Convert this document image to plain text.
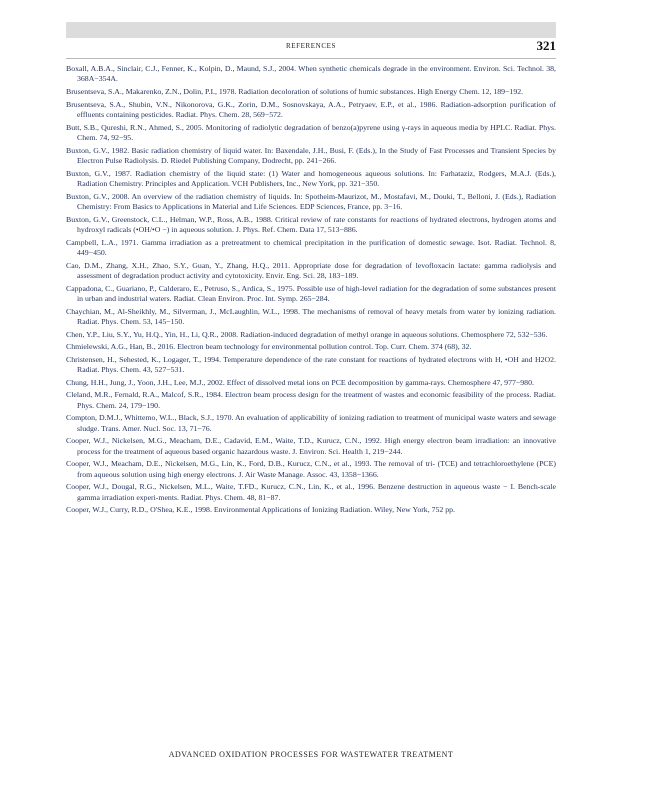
REFERENCES	321
Boxall, A.B.A., Sinclair, C.J., Fenner, K., Kolpin, D., Maund, S.J., 2004. When synthetic chemicals degrade in the environment. Environ. Sci. Technol. 38, 368A−354A.
Brusentseva, S.A., Makarenko, Z.N., Dolin, P.I., 1978. Radiation decoloration of solutions of humic substances. High Energy Chem. 12, 189−192.
Brusentseva, S.A., Shubin, V.N., Nikonorova, G.K., Zorin, D.M., Sosnovskaya, A.A., Petryaev, E.P., et al., 1986. Radiation-adsorption purification of effluents containing pesticides. Radiat. Phys. Chem. 28, 569−572.
Butt, S.B., Qureshi, R.N., Ahmed, S., 2005. Monitoring of radiolytic degradation of benzo(a)pyrene using γ-rays in aqueous media by HPLC. Radiat. Phys. Chem. 74, 92−95.
Buxton, G.V., 1982. Basic radiation chemistry of liquid water. In: Baxendale, J.H., Busi, F. (Eds.), In the Study of Fast Processes and Transient Species by Electron Pulse Radiolysis. D. Riedel Publishing Company, Dodrecht, pp. 241−266.
Buxton, G.V., 1987. Radiation chemistry of the liquid state: (1) Water and homogeneous aqueous solutions. In: Farhataziz, Rodgers, M.A.J. (Eds.), Radiation Chemistry. Principles and Application. VCH Publishers, Inc., New York, pp. 321−350.
Buxton, G.V., 2008. An overview of the radiation chemistry of liquids. In: Spotheim-Maurizot, M., Mostafavi, M., Douki, T., Belloni, J. (Eds.), Radiation Chemistry: From Basics to Applications in Material and Life Sciences. EDP Sciences, France, pp. 3−16.
Buxton, G.V., Greenstock, C.L., Helman, W.P., Ross, A.B., 1988. Critical review of rate constants for reactions of hydrated electrons, hydrogen atoms and hydroxyl radicals (•OH/•O −) in aqueous solution. J. Phys. Ref. Chem. Data 17, 513−886.
Campbell, L.A., 1971. Gamma irradiation as a pretreatment to chemical precipitation in the purification of domestic sewage. Isot. Radiat. Technol. 8, 449−450.
Cao, D.M., Zhang, X.H., Zhao, S.Y., Guan, Y., Zhang, H.Q., 2011. Appropriate dose for degradation of levofloxacin lactate: gamma radiolysis and assessment of degradation product activity and cytotoxicity. Envir. Eng. Sci. 28, 183−189.
Cappadona, C., Guariano, P., Calderaro, E., Petruso, S., Ardica, S., 1975. Possible use of high-level radiation for the degradation of some substances present in urban and industrial waters. Radiat. Clean Environ. Proc. Int. Symp. 265−284.
Chaychian, M., Al-Sheikhly, M., Silverman, J., McLaughlin, W.L., 1998. The mechanisms of removal of heavy metals from water by ionizing radiation. Radiat. Phys. Chem. 53, 145−150.
Chen, Y.P., Liu, S.Y., Yu, H.Q., Yin, H., Li, Q.R., 2008. Radiation-induced degradation of methyl orange in aqueous solutions. Chemosphere 72, 532−536.
Chmielewski, A.G., Han, B., 2016. Electron beam technology for environmental pollution control. Top. Curr. Chem. 374 (68), 32.
Christensen, H., Sehested, K., Logager, T., 1994. Temperature dependence of the rate constant for reactions of hydrated electrons with H, •OH and H2O2. Radiat. Phys. Chem. 43, 527−531.
Chung, H.H., Jung, J., Yoon, J.H., Lee, M.J., 2002. Effect of dissolved metal ions on PCE decomposition by gamma-rays. Chemosphere 47, 977−980.
Cleland, M.R., Fernald, R.A., Malcof, S.R., 1984. Electron beam process design for the treatment of wastes and economic feasibility of the process. Radiat. Phys. Chem. 24, 179−190.
Compton, D.M.J., Whittemo, W.L., Black, S.J., 1970. An evaluation of applicability of ionizing radiation to treatment of municipal waste waters and sewage sludge. Trans. Amer. Nucl. Soc. 13, 71−76.
Cooper, W.J., Nickelsen, M.G., Meacham, D.E., Cadavid, E.M., Waite, T.D., Kurucz, C.N., 1992. High energy electron beam irradiation: an innovative process for the treatment of aqueous based organic hazardous waste. J. Environ. Sci. Health 1, 219−244.
Cooper, W.J., Meacham, D.E., Nickelsen, M.G., Lin, K., Ford, D.B., Kurucz, C.N., et al., 1993. The removal of tri- (TCE) and tetrachloroethylene (PCE) from aqueous solution using high energy electrons. J. Air Waste Manage. Assoc. 43, 1358−1366.
Cooper, W.J., Dougal, R.G., Nickelsen, M.L., Waite, T.FD., Kurucz, C.N., Lin, K., et al., 1996. Benzene destruction in aqueous waste − I. Bench-scale gamma irradiation experi-ments. Radiat. Phys. Chem. 48, 81−87.
Cooper, W.J., Curry, R.D., O'Shea, K.E., 1998. Environmental Applications of Ionizing Radiation. Wiley, New York, 752 pp.
ADVANCED OXIDATION PROCESSES FOR WASTEWATER TREATMENT
